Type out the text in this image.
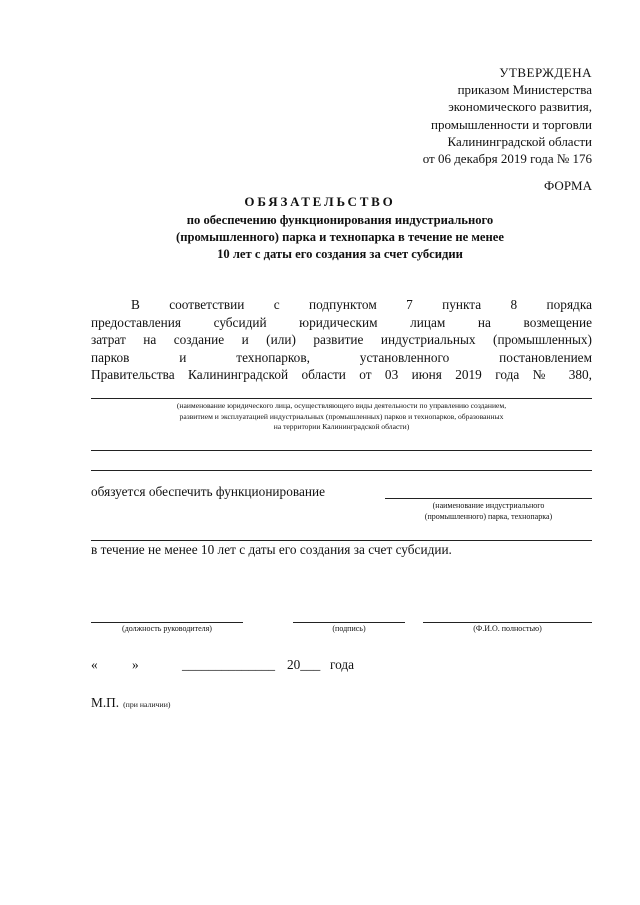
УТВЕРЖДЕНА
приказом Министерства
экономического развития,
промышленности и торговли
Калининградской области
от 06 декабря 2019 года № 176
ФОРМА
ОБЯЗАТЕЛЬСТВО
по обеспечению функционирования индустриального
(промышленного) парка и технопарка в течение не менее
10 лет с даты его создания за счет субсидии
В соответствии с подпунктом 7 пункта 8 порядка
предоставления субсидий юридическим лицам на возмещение
затрат на создание и (или) развитие индустриальных (промышленных)
парков и технопарков, установленного постановлением
Правительства Калининградской области от 03 июня 2019 года № 380,
(наименование юридического лица, осуществляющего виды деятельности по управлению созданием,
развитием и эксплуатацией индустриальных (промышленных) парков и технопарков, образованных
на территории Калининградской области)
обязуется обеспечить функционирование
(наименование индустриального
(промышленного) парка, технопарка)
в течение не менее 10 лет с даты его создания за счет субсидии.
(должность руководителя)	(подпись)	(Ф.И.О. полностью)
«	»	______________ 20___ года
М.П. (при наличии)
